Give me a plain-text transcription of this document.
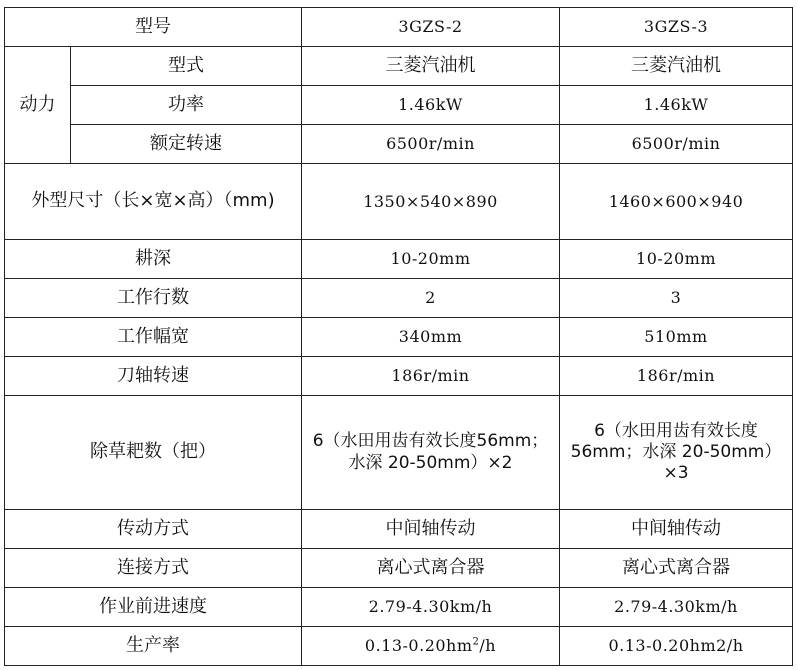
型号		3GZS-2	3GZS-3
动力	型式	三菱汽油机	三菱汽油机
	功率	1.46kW	1.46kW
	额定转速	6500r/min	6500r/min
外型尺寸（长×宽×高）（mm)		1350×540×890	1460×600×940
耕深		10-20mm	10-20mm
工作行数		2	3
工作幅宽		340mm	510mm
刀轴转速		186r/min	186r/min
除草耙数（把）		6（水田用齿有效长度56mm；水深 20-50mm）×2	6（水田用齿有效长度56mm；水深 20-50mm）×3
传动方式		中间轴传动	中间轴传动
连接方式		离心式离合器	离心式离合器
作业前进速度		2.79-4.30km/h	2.79-4.30km/h
生产率		$0.13-0.20hm^2/h$	0.13-0.20hm2/h
